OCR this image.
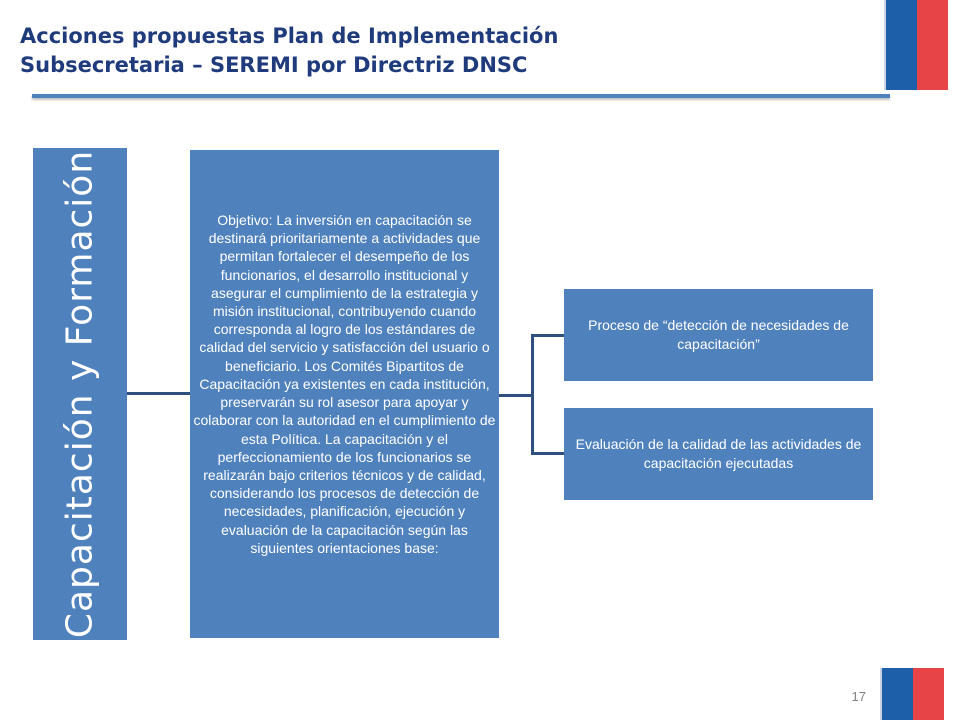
Acciones propuestas Plan de Implementación
Subsecretaria – SEREMI por Directriz DNSC
Capacitación y Formación	Objetivo: La inversión en capacitación se destinará prioritariamente a actividades que permitan fortalecer el desempeño de los funcionarios, el desarrollo institucional y asegurar el cumplimiento de la estrategia y misión institucional, contribuyendo cuando corresponda al logro de los estándares de calidad del servicio y satisfacción del usuario o beneficiario. Los Comités Bipartitos de Capacitación ya existentes en cada institución, preservarán su rol asesor para apoyar y colaborar con la autoridad en el cumplimiento de esta Política. La capacitación y el perfeccionamiento de los funcionarios se realizarán bajo criterios técnicos y de calidad, considerando los procesos de detección de necesidades, planificación, ejecución y evaluación de la capacitación según las siguientes orientaciones base:
Proceso de “detección de necesidades de capacitación”
Evaluación de la calidad de las actividades de capacitación ejecutadas
17
